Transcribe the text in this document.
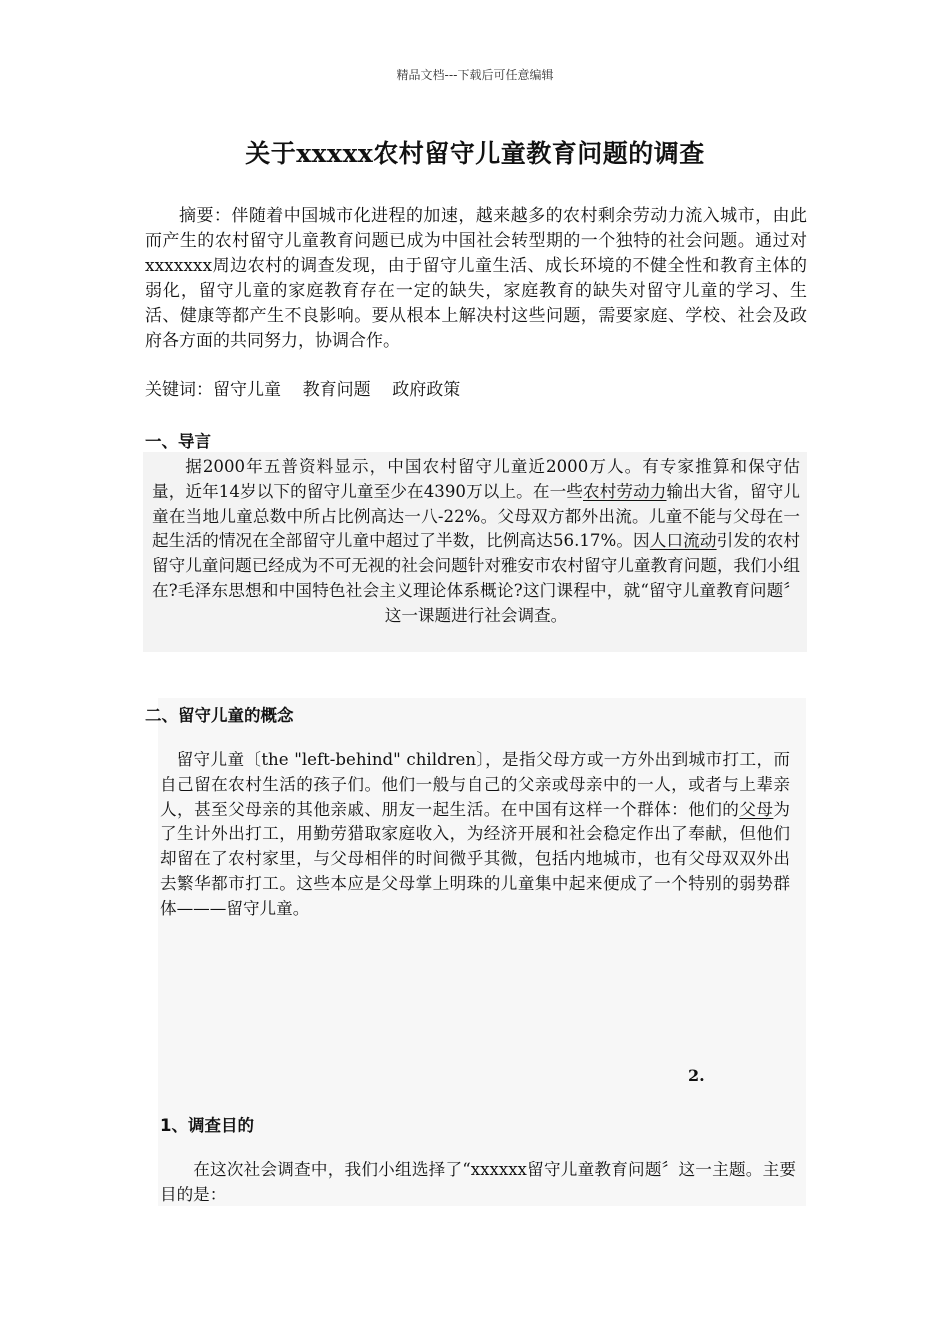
精品文档---下载后可任意编辑
关于xxxxx农村留守儿童教育问题的调查
摘要：伴随着中国城市化进程的加速，越来越多的农村剩余劳动力流入城市，由此而产生的农村留守儿童教育问题已成为中国社会转型期的一个独特的社会问题。通过对xxxxxxx周边农村的调查发现，由于留守儿童生活、成长环境的不健全性和教育主体的弱化，留守儿童的家庭教育存在一定的缺失，家庭教育的缺失对留守儿童的学习、生活、健康等都产生不良影响。要从根本上解决村这些问题，需要家庭、学校、社会及政府各方面的共同努力，协调合作。
关键词：留守儿童    教育问题    政府政策
一、导言
据2000年五普资料显示，中国农村留守儿童近2000万人。有专家推算和保守估量，近年14岁以下的留守儿童至少在4390万以上。在一些农村劳动力输出大省，留守儿童在当地儿童总数中所占比例高达一八-22%。父母双方都外出流。儿童不能与父母在一起生活的情况在全部留守儿童中超过了半数，比例高达56.17%。因人口流动引发的农村留守儿童问题已经成为不可无视的社会问题针对雅安市农村留守儿童教育问题，我们小组在?毛泽东思想和中国特色社会主义理论体系概论?这门课程中，就“留守儿童教育问题〞这一课题进行社会调查。
二、留守儿童的概念
留守儿童〔the "left-behind" children〕，是指父母方或一方外出到城市打工，而自己留在农村生活的孩子们。他们一般与自己的父亲或母亲中的一人，或者与上辈亲人，甚至父母亲的其他亲戚、朋友一起生活。在中国有这样一个群体：他们的父母为了生计外出打工，用勤劳猎取家庭收入，为经济开展和社会稳定作出了奉献，但他们却留在了农村家里，与父母相伴的时间微乎其微，包括内地城市，也有父母双双外出去繁华都市打工。这些本应是父母掌上明珠的儿童集中起来便成了一个特别的弱势群体———留守儿童。
2.
1、调查目的
在这次社会调查中，我们小组选择了“xxxxxx留守儿童教育问题〞这一主题。主要目的是：
